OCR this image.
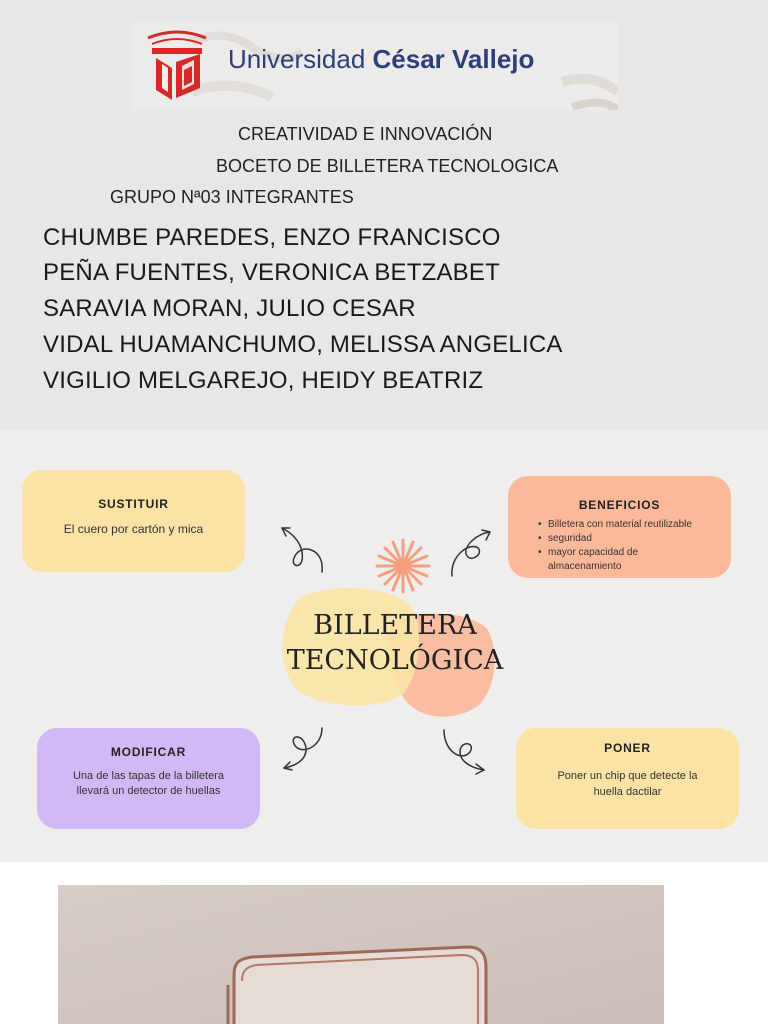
Universidad César Vallejo
CREATIVIDAD E INNOVACIÓN
BOCETO DE BILLETERA TECNOLOGICA
GRUPO Nª03 INTEGRANTES
CHUMBE PAREDES, ENZO FRANCISCO
PEÑA FUENTES, VERONICA BETZABET
SARAVIA MORAN, JULIO CESAR
VIDAL HUAMANCHUMO, MELISSA ANGELICA
VIGILIO MELGAREJO, HEIDY BEATRIZ
SUSTITUIR
El cuero por cartón y mica
BENEFICIOS
• Billetera con material reutilizable
• seguridad
• mayor capacidad de almacenamiento
MODIFICAR
Una de las tapas de la billetera llevará un detector de huellas
PONER
Poner un chip que detecte la huella dactilar
BILLETERA
TECNOLÓGICA
